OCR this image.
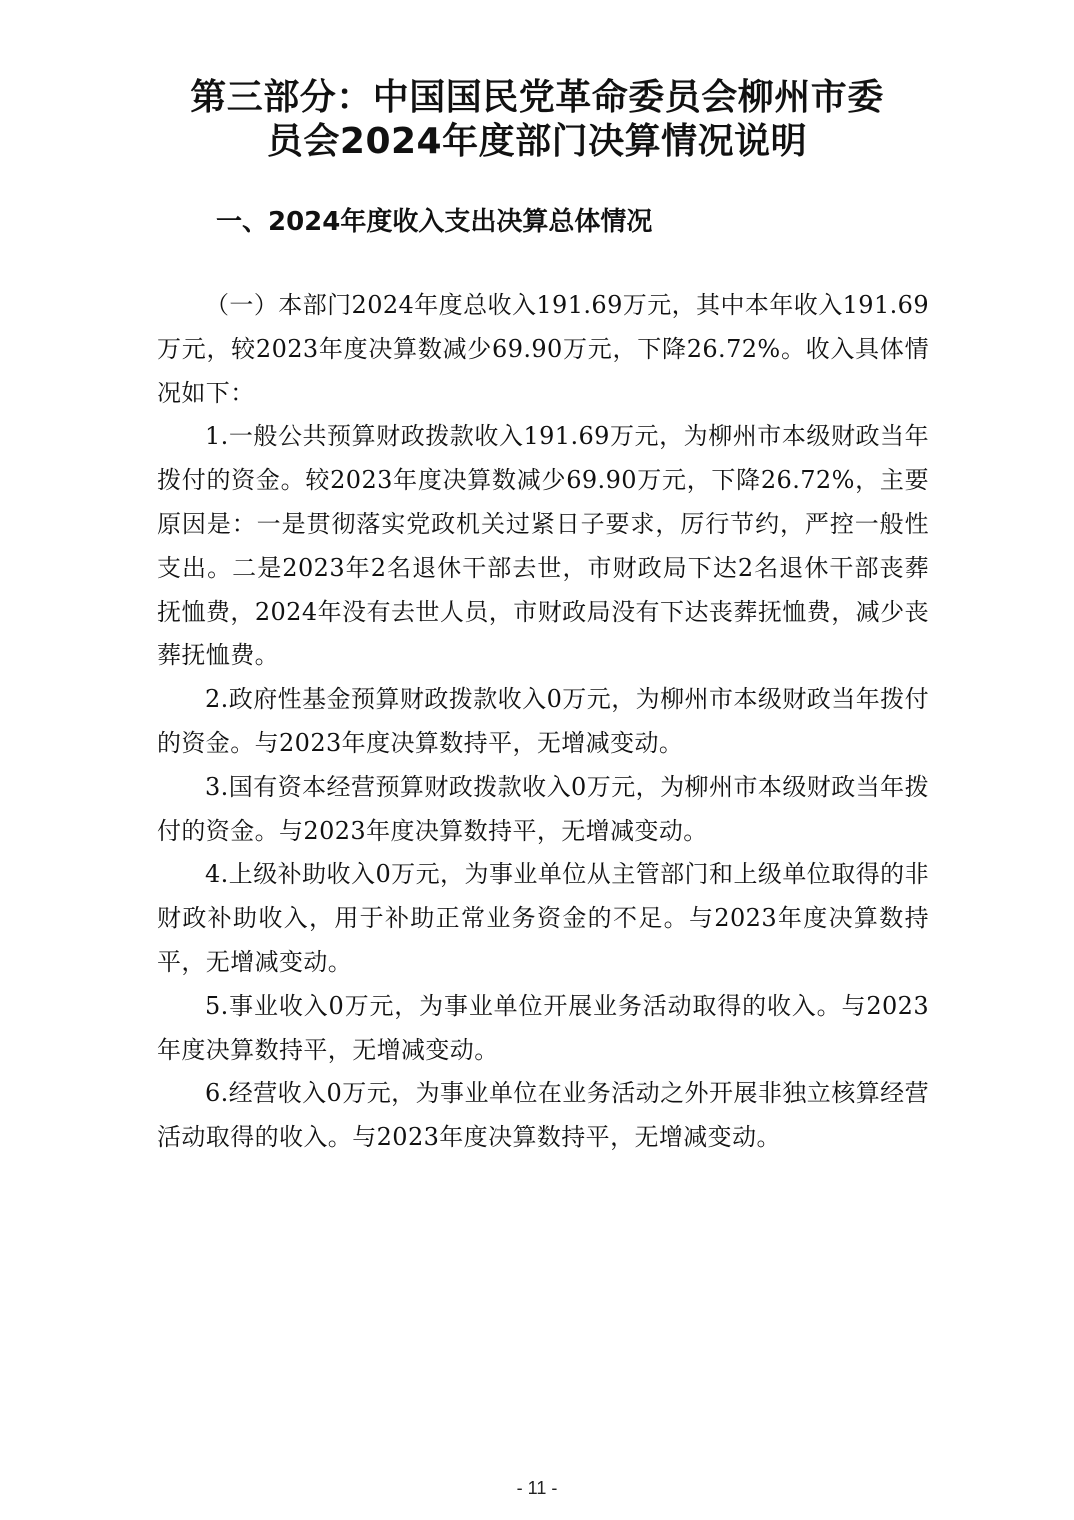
第三部分：中国国民党革命委员会柳州市委
员会2024年度部门决算情况说明
一、2024年度收入支出决算总体情况

（一）本部门2024年度总收入191.69万元，其中本年收入191.69万元，较2023年度决算数减少69.90万元，下降26.72%。收入具体情况如下：

1.一般公共预算财政拨款收入191.69万元，为柳州市本级财政当年拨付的资金。较2023年度决算数减少69.90万元，下降26.72%，主要原因是：一是贯彻落实党政机关过紧日子要求，厉行节约，严控一般性支出。二是2023年2名退休干部去世，市财政局下达2名退休干部丧葬抚恤费，2024年没有去世人员，市财政局没有下达丧葬抚恤费，减少丧葬抚恤费。

2.政府性基金预算财政拨款收入0万元，为柳州市本级财政当年拨付的资金。与2023年度决算数持平，无增减变动。

3.国有资本经营预算财政拨款收入0万元，为柳州市本级财政当年拨付的资金。与2023年度决算数持平，无增减变动。

4.上级补助收入0万元，为事业单位从主管部门和上级单位取得的非财政补助收入，用于补助正常业务资金的不足。与2023年度决算数持平，无增减变动。

5.事业收入0万元，为事业单位开展业务活动取得的收入。与2023年度决算数持平，无增减变动。

6.经营收入0万元，为事业单位在业务活动之外开展非独立核算经营活动取得的收入。与2023年度决算数持平，无增减变动。

- 11 -
